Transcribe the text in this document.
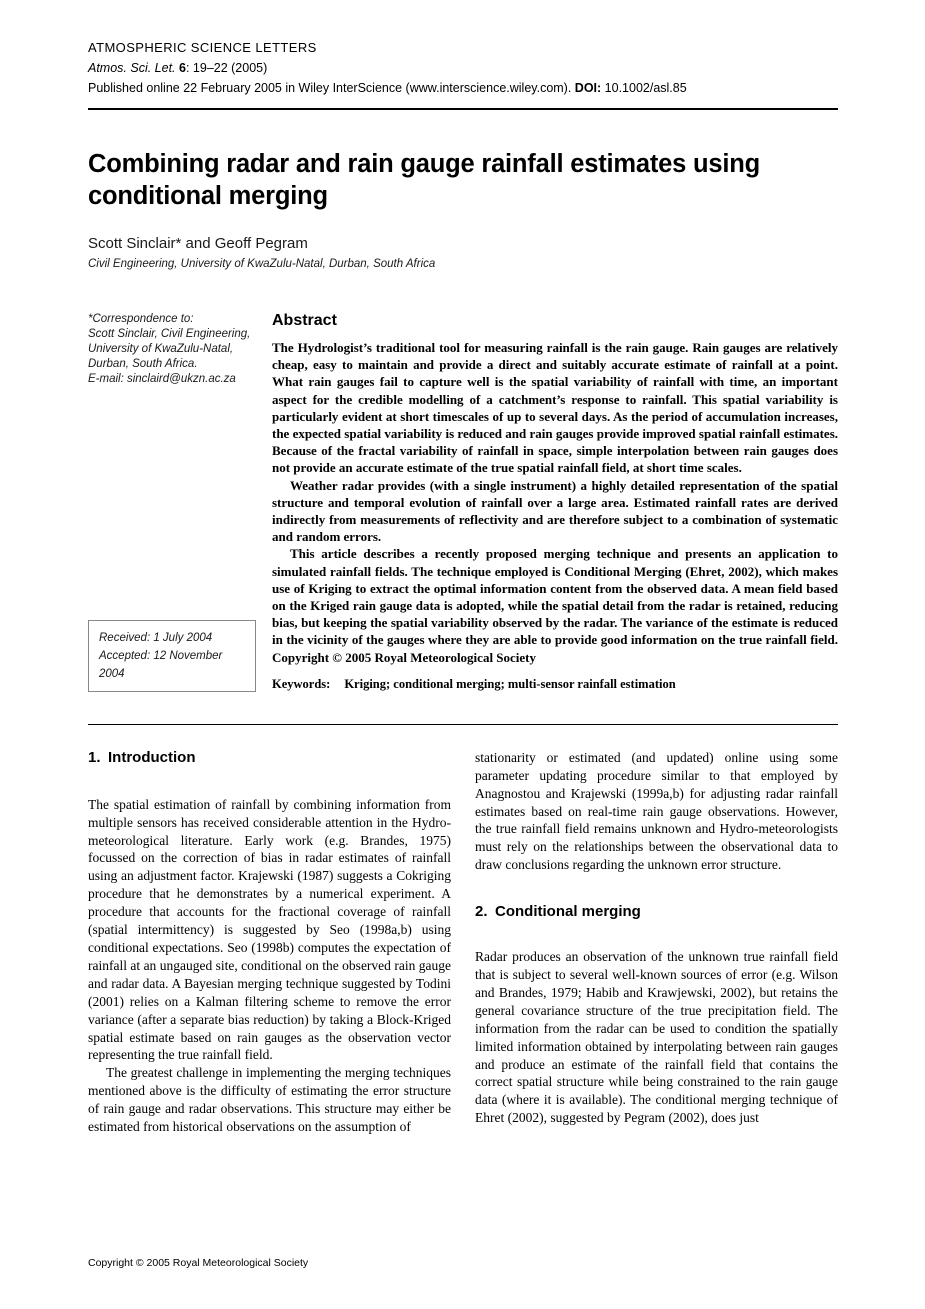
ATMOSPHERIC SCIENCE LETTERS
Atmos. Sci. Let. 6: 19–22 (2005)
Published online 22 February 2005 in Wiley InterScience (www.interscience.wiley.com). DOI: 10.1002/asl.85
Combining radar and rain gauge rainfall estimates using conditional merging
Scott Sinclair* and Geoff Pegram
Civil Engineering, University of KwaZulu-Natal, Durban, South Africa
*Correspondence to:
Scott Sinclair, Civil Engineering,
University of KwaZulu-Natal,
Durban, South Africa.
E-mail: sinclaird@ukzn.ac.za
Received: 1 July 2004
Accepted: 12 November 2004
Abstract

The Hydrologist’s traditional tool for measuring rainfall is the rain gauge. Rain gauges are relatively cheap, easy to maintain and provide a direct and suitably accurate estimate of rainfall at a point. What rain gauges fail to capture well is the spatial variability of rainfall with time, an important aspect for the credible modelling of a catchment’s response to rainfall. This spatial variability is particularly evident at short timescales of up to several days. As the period of accumulation increases, the expected spatial variability is reduced and rain gauges provide improved spatial rainfall estimates. Because of the fractal variability of rainfall in space, simple interpolation between rain gauges does not provide an accurate estimate of the true spatial rainfall field, at short time scales.

Weather radar provides (with a single instrument) a highly detailed representation of the spatial structure and temporal evolution of rainfall over a large area. Estimated rainfall rates are derived indirectly from measurements of reflectivity and are therefore subject to a combination of systematic and random errors.

This article describes a recently proposed merging technique and presents an application to simulated rainfall fields. The technique employed is Conditional Merging (Ehret, 2002), which makes use of Kriging to extract the optimal information content from the observed data. A mean field based on the Kriged rain gauge data is adopted, while the spatial detail from the radar is retained, reducing bias, but keeping the spatial variability observed by the radar. The variance of the estimate is reduced in the vicinity of the gauges where they are able to provide good information on the true rainfall field. Copyright © 2005 Royal Meteorological Society

Keywords: Kriging; conditional merging; multi-sensor rainfall estimation

1. Introduction

The spatial estimation of rainfall by combining information from multiple sensors has received considerable attention in the Hydro-meteorological literature. Early work (e.g. Brandes, 1975) focussed on the correction of bias in radar estimates of rainfall using an adjustment factor. Krajewski (1987) suggests a Cokriging procedure that he demonstrates by a numerical experiment. A procedure that accounts for the fractional coverage of rainfall (spatial intermittency) is suggested by Seo (1998a,b) using conditional expectations. Seo (1998b) computes the expectation of rainfall at an ungauged site, conditional on the observed rain gauge and radar data. A Bayesian merging technique suggested by Todini (2001) relies on a Kalman filtering scheme to remove the error variance (after a separate bias reduction) by taking a Block-Kriged spatial estimate based on rain gauges as the observation vector representing the true rainfall field.

The greatest challenge in implementing the merging techniques mentioned above is the difficulty of estimating the error structure of rain gauge and radar observations. This structure may either be estimated from historical observations on the assumption of

stationarity or estimated (and updated) online using some parameter updating procedure similar to that employed by Anagnostou and Krajewski (1999a,b) for adjusting radar rainfall estimates based on real-time rain gauge observations. However, the true rainfall field remains unknown and Hydro-meteorologists must rely on the relationships between the observational data to draw conclusions regarding the unknown error structure.

2. Conditional merging

Radar produces an observation of the unknown true rainfall field that is subject to several well-known sources of error (e.g. Wilson and Brandes, 1979; Habib and Krawjewski, 2002), but retains the general covariance structure of the true precipitation field. The information from the radar can be used to condition the spatially limited information obtained by interpolating between rain gauges and produce an estimate of the rainfall field that contains the correct spatial structure while being constrained to the rain gauge data (where it is available). The conditional merging technique of Ehret (2002), suggested by Pegram (2002), does just

Copyright © 2005 Royal Meteorological Society
